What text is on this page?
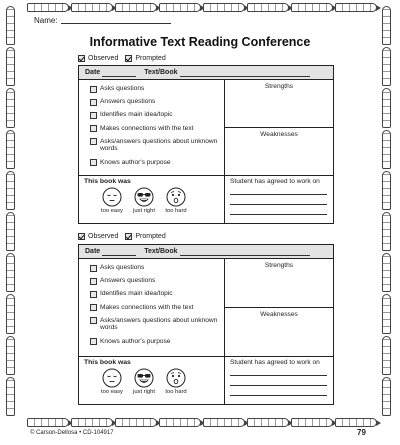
Name:
Informative Text Reading Conference
Observed Prompted
Date	Text/Book
Asks questions
Answers questions
Identifies main idea/topic
Makes connections with the text
Asks/answers questions about unknown words
Knows author's purpose
Strengths
Weaknesses
This book was
too easy just right too hard
Student has agreed to work on
Observed Prompted
Date	Text/Book
Asks questions
Answers questions
Identifies main idea/topic
Makes connections with the text
Asks/answers questions about unknown words
Knows author's purpose
Strengths
Weaknesses
This book was
too easy just right too hard
Student has agreed to work on
© Carson-Dellosa • CD-104917	79
